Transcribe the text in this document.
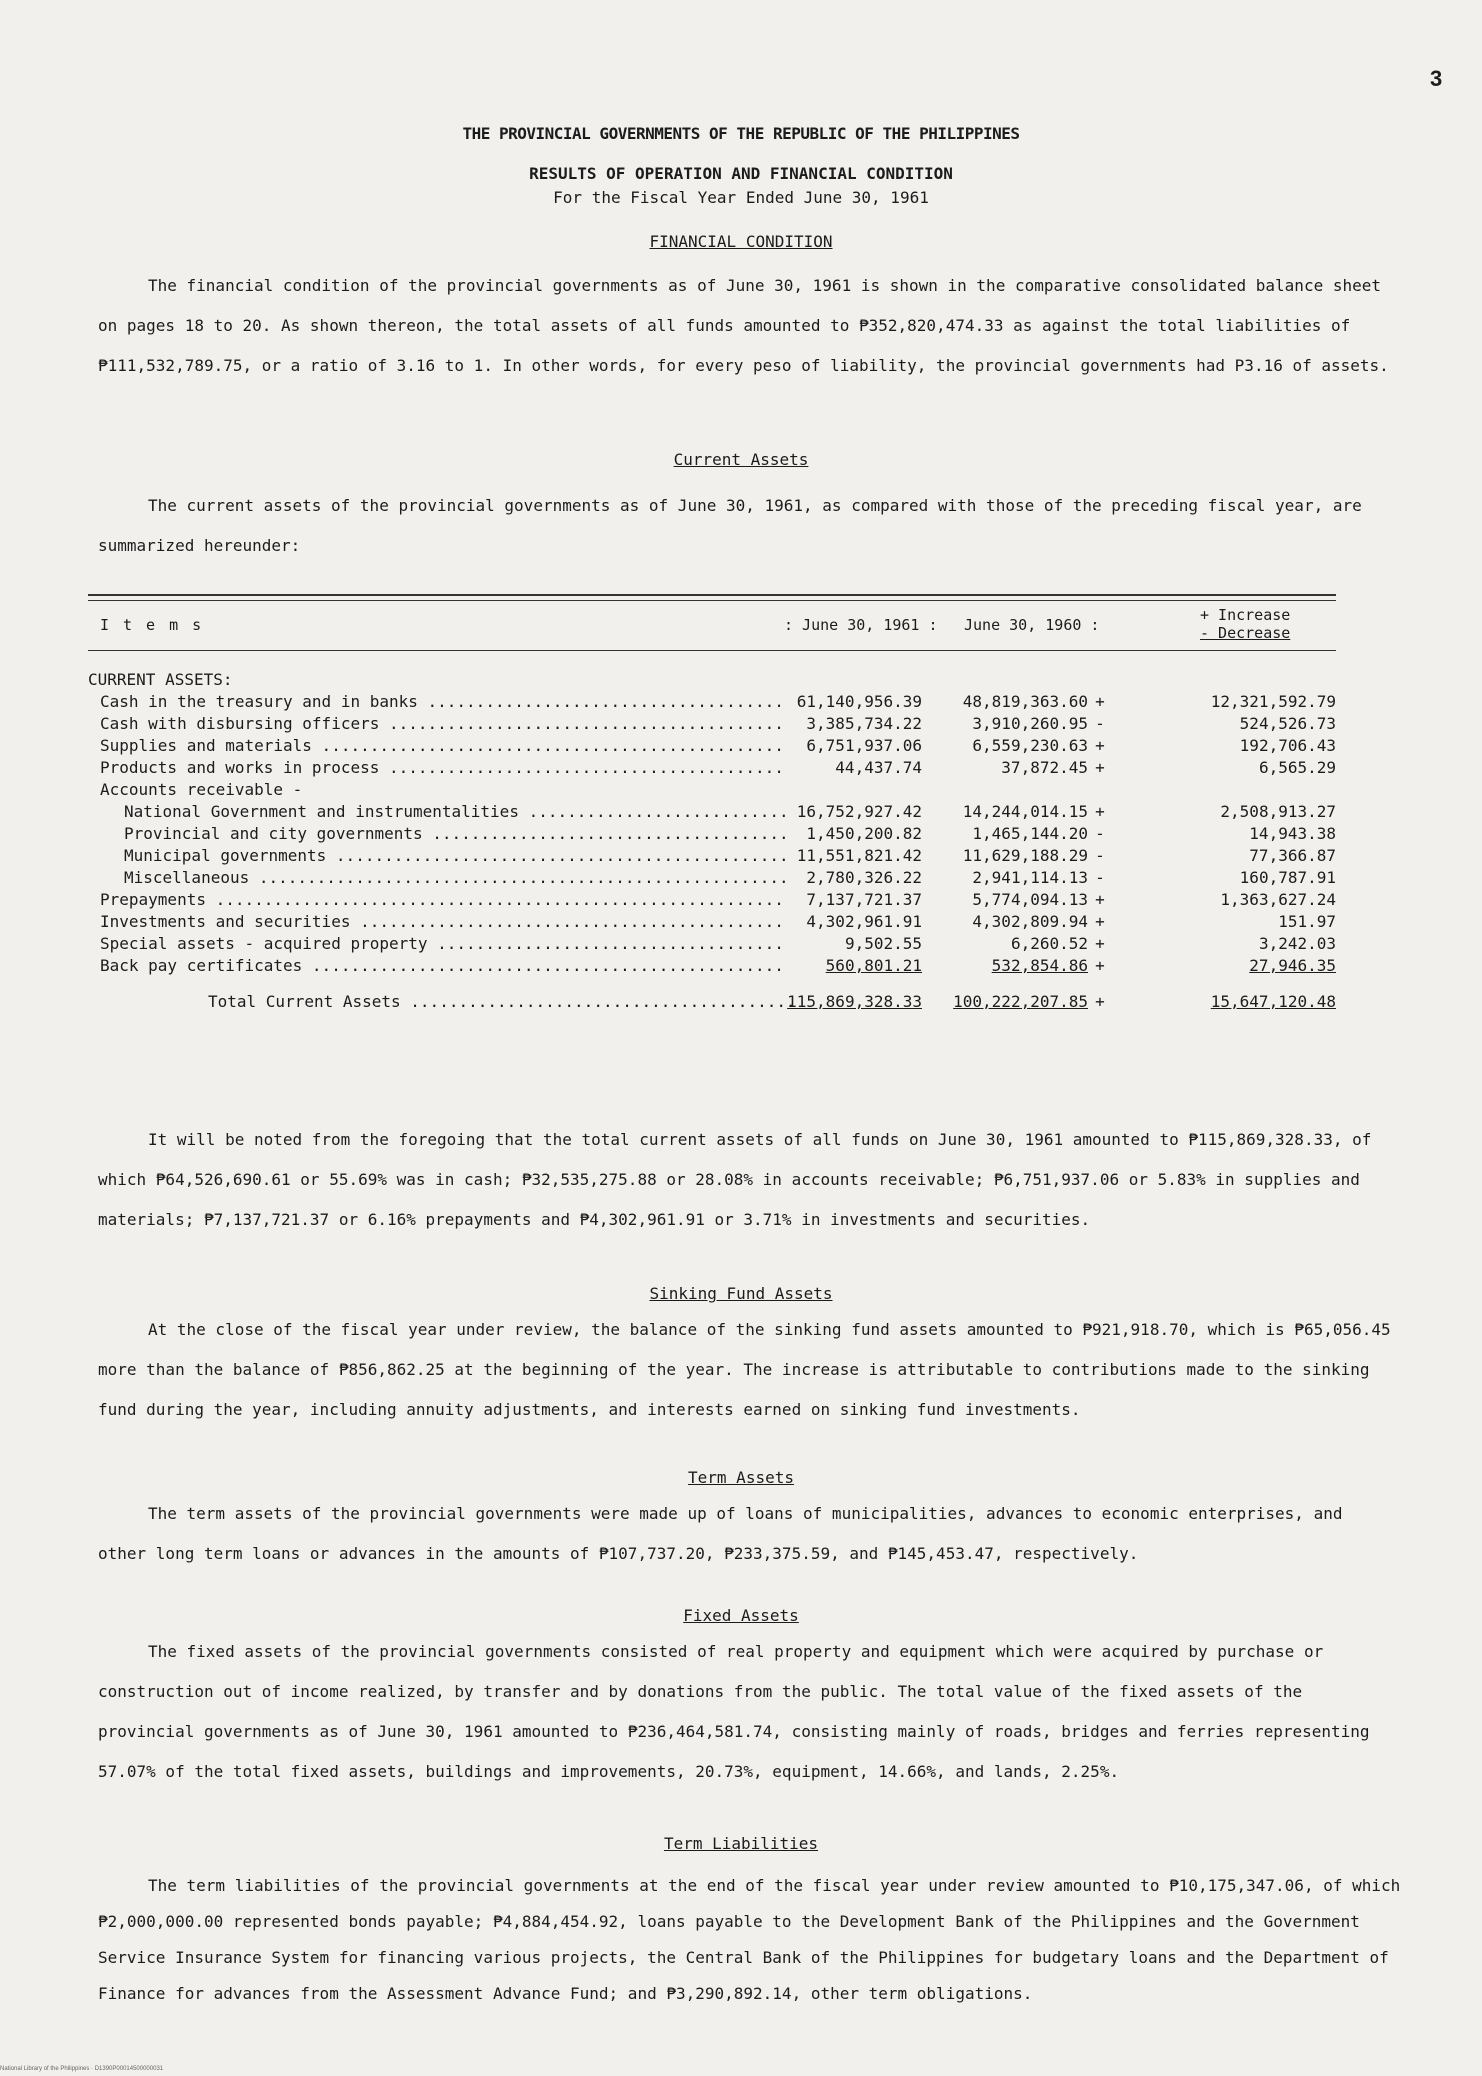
3
THE PROVINCIAL GOVERNMENTS OF THE REPUBLIC OF THE PHILIPPINES
RESULTS OF OPERATION AND FINANCIAL CONDITION
For the Fiscal Year Ended June 30, 1961
FINANCIAL CONDITION

The financial condition of the provincial governments as of June 30, 1961 is shown in the comparative consolidated balance sheet on pages 18 to 20. As shown thereon, the total assets of all funds amounted to ₱352,820,474.33 as against the total liabilities of ₱111,532,789.75, or a ratio of 3.16 to 1. In other words, for every peso of liability, the provincial governments had P3.16 of assets.

Current Assets

The current assets of the provincial governments as of June 30, 1961, as compared with those of the preceding fiscal year, are summarized hereunder:

Items	: June 30, 1961 : June 30, 1960 :
+ Increase
- Decrease
CURRENT ASSETS:
Cash in the treasury and in banks ..................................... 61,140,956.39	48,819,363.60 +	12,321,592.79
Cash with disbursing officers .........................................	3,385,734.22	3,910,260.95 -	524,526.73
Supplies and materials ................................................	6,751,937.06	6,559,230.63 +	192,706.43
Products and works in process .........................................	44,437.74	37,872.45 +	6,565.29
Accounts receivable -
National Government and instrumentalities ........................... 16,752,927.42	14,244,014.15 +	2,508,913.27
Provincial and city governments .....................................	1,450,200.82	1,465,144.20 -	14,943.38
Municipal governments ............................................... 11,551,821.42	11,629,188.29 -	77,366.87
Miscellaneous .......................................................	2,780,326.22	2,941,114.13 -	160,787.91
Prepayments ...........................................................	7,137,721.37	5,774,094.13 +	1,363,627.24
Investments and securities ............................................	4,302,961.91	4,302,809.94 +	151.97
Special assets - acquired property ....................................	9,502.55	6,260.52 +	3,242.03
Back pay certificates .................................................	560,801.21	532,854.86 +	27,946.35
Total Current Assets ........................................
115,869,328.33	100,222,207.85 +	15,647,120.48

It will be noted from the foregoing that the total current assets of all funds on June 30, 1961 amounted to ₱115,869,328.33, of which ₱64,526,690.61 or 55.69% was in cash; ₱32,535,275.88 or 28.08% in accounts receivable; ₱6,751,937.06 or 5.83% in supplies and materials; ₱7,137,721.37 or 6.16% prepayments and ₱4,302,961.91 or 3.71% in investments and securities.

Sinking Fund Assets

At the close of the fiscal year under review, the balance of the sinking fund assets amounted to ₱921,918.70, which is ₱65,056.45 more than the balance of ₱856,862.25 at the beginning of the year. The increase is attributable to contributions made to the sinking fund during the year, including annuity adjustments, and interests earned on sinking fund investments.

Term Assets

The term assets of the provincial governments were made up of loans of municipalities, advances to economic enterprises, and other long term loans or advances in the amounts of ₱107,737.20, ₱233,375.59, and ₱145,453.47, respectively.

Fixed Assets

The fixed assets of the provincial governments consisted of real property and equipment which were acquired by purchase or construction out of income realized, by transfer and by donations from the public. The total value of the fixed assets of the provincial governments as of June 30, 1961 amounted to ₱236,464,581.74, consisting mainly of roads, bridges and ferries representing 57.07% of the total fixed assets, buildings and improvements, 20.73%, equipment, 14.66%, and lands, 2.25%.

Term Liabilities

The term liabilities of the provincial governments at the end of the fiscal year under review amounted to ₱10,175,347.06, of which ₱2,000,000.00 represented bonds payable; ₱4,884,454.92, loans payable to the Development Bank of the Philippines and the Government Service Insurance System for financing various projects, the Central Bank of the Philippines for budgetary loans and the Department of Finance for advances from the Assessment Advance Fund; and ₱3,290,892.14, other term obligations.

National Library of the Philippines · D1390P00014500000031
